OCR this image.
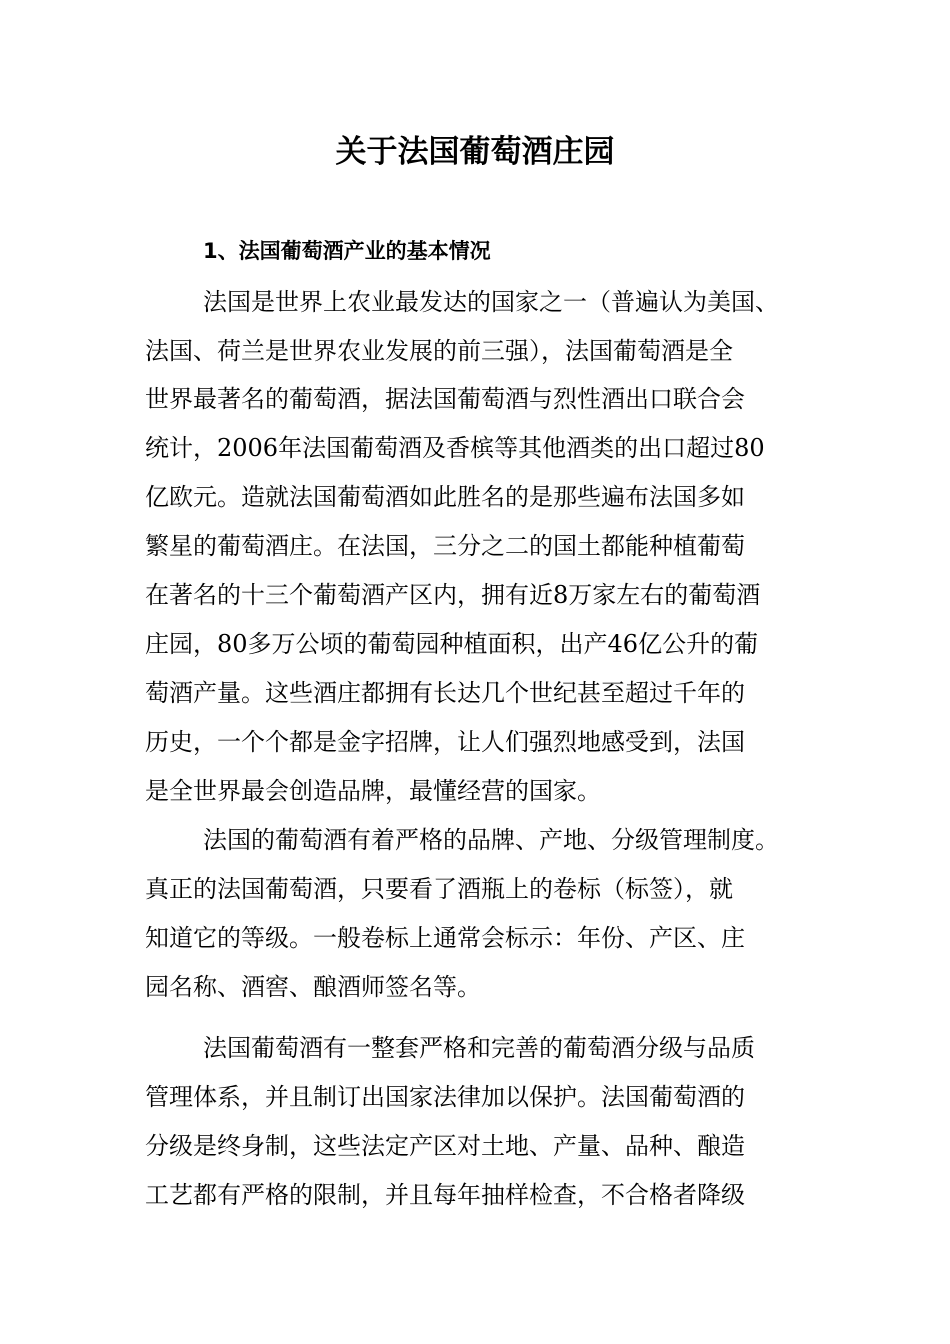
关于法国葡萄酒庄园
1、法国葡萄酒产业的基本情况

法国是世界上农业最发达的国家之一（普遍认为美国、

法国、荷兰是世界农业发展的前三强），法国葡萄酒是全

世界最著名的葡萄酒，据法国葡萄酒与烈性酒出口联合会

统计，2006年法国葡萄酒及香槟等其他酒类的出口超过80

亿欧元。造就法国葡萄酒如此胜名的是那些遍布法国多如

繁星的葡萄酒庄。在法国，三分之二的国土都能种植葡萄

在著名的十三个葡萄酒产区内，拥有近8万家左右的葡萄酒

庄园，80多万公顷的葡萄园种植面积，出产46亿公升的葡

萄酒产量。这些酒庄都拥有长达几个世纪甚至超过千年的

历史，一个个都是金字招牌，让人们强烈地感受到，法国

是全世界最会创造品牌，最懂经营的国家。

法国的葡萄酒有着严格的品牌、产地、分级管理制度。

真正的法国葡萄酒，只要看了酒瓶上的卷标（标签），就

知道它的等级。一般卷标上通常会标示：年份、产区、庄

园名称、酒窖、酿酒师签名等。

法国葡萄酒有一整套严格和完善的葡萄酒分级与品质

管理体系，并且制订出国家法律加以保护。法国葡萄酒的

分级是终身制，这些法定产区对土地、产量、品种、酿造

工艺都有严格的限制，并且每年抽样检查，不合格者降级
